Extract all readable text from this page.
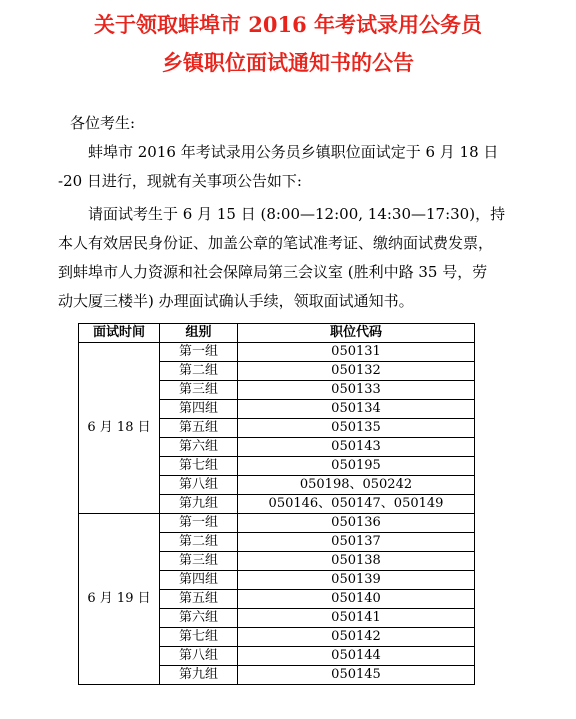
关于领取蚌埠市 2016 年考试录用公务员
乡镇职位面试通知书的公告
各位考生:
蚌埠市 2016 年考试录用公务员乡镇职位面试定于 6 月 18 日
-20 日进行，现就有关事项公告如下:
请面试考生于 6 月 15 日 (8:00—12:00, 14:30—17:30)，持
本人有效居民身份证、加盖公章的笔试准考证、缴纳面试费发票，
到蚌埠市人力资源和社会保障局第三会议室 (胜利中路 35 号，劳
动大厦三楼半) 办理面试确认手续，领取面试通知书。
面试时间	组别	职位代码
6 月 18 日	第一组	050131
	第二组	050132
	第三组	050133
	第四组	050134
	第五组	050135
	第六组	050143
	第七组	050195
	第八组	050198、050242
	第九组	050146、050147、050149
6 月 19 日	第一组	050136
	第二组	050137
	第三组	050138
	第四组	050139
	第五组	050140
	第六组	050141
	第七组	050142
	第八组	050144
	第九组	050145
